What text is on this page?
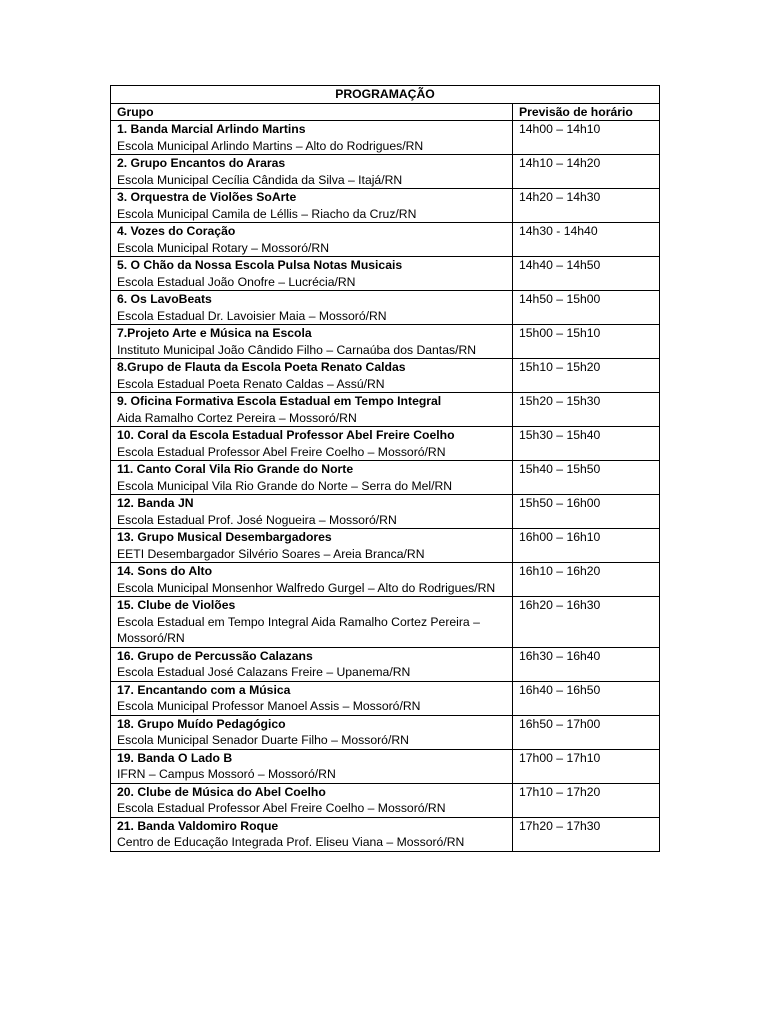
PROGRAMAÇÃO	
Grupo	Previsão de horário

1. Banda Marcial Arlindo Martins
Escola Municipal Arlindo Martins – Alto do Rodrigues/RN	14h00 – 14h10

2. Grupo Encantos do Araras
Escola Municipal Cecília Cândida da Silva – Itajá/RN	14h10 – 14h20

3. Orquestra de Violões SoArte
Escola Municipal Camila de Léllis – Riacho da Cruz/RN	14h20 – 14h30

4. Vozes do Coração
Escola Municipal Rotary – Mossoró/RN	14h30 - 14h40

5. O Chão da Nossa Escola Pulsa Notas Musicais
Escola Estadual João Onofre – Lucrécia/RN	14h40 – 14h50

6. Os LavoBeats
Escola Estadual Dr. Lavoisier Maia – Mossoró/RN	14h50 – 15h00

7.Projeto Arte e Música na Escola
Instituto Municipal João Cândido Filho – Carnaúba dos Dantas/RN	15h00 – 15h10

8.Grupo de Flauta da Escola Poeta Renato Caldas
Escola Estadual Poeta Renato Caldas – Assú/RN	15h10 – 15h20

9. Oficina Formativa Escola Estadual em Tempo Integral
Aida Ramalho Cortez Pereira – Mossoró/RN	15h20 – 15h30

10. Coral da Escola Estadual Professor Abel Freire Coelho
Escola Estadual Professor Abel Freire Coelho – Mossoró/RN	15h30 – 15h40

11. Canto Coral Vila Rio Grande do Norte
Escola Municipal Vila Rio Grande do Norte – Serra do Mel/RN	15h40 – 15h50

12. Banda JN
Escola Estadual Prof. José Nogueira – Mossoró/RN	15h50 – 16h00

13. Grupo Musical Desembargadores
EETI Desembargador Silvério Soares – Areia Branca/RN	16h00 – 16h10

14. Sons do Alto
Escola Municipal Monsenhor Walfredo Gurgel – Alto do Rodrigues/RN	16h10 – 16h20

15. Clube de Violões
Escola Estadual em Tempo Integral Aida Ramalho Cortez Pereira – Mossoró/RN	16h20 – 16h30

16. Grupo de Percussão Calazans
Escola Estadual José Calazans Freire – Upanema/RN	16h30 – 16h40

17. Encantando com a Música
Escola Municipal Professor Manoel Assis – Mossoró/RN	16h40 – 16h50

18. Grupo Muído Pedagógico
Escola Municipal Senador Duarte Filho – Mossoró/RN	16h50 – 17h00

19. Banda O Lado B
IFRN – Campus Mossoró – Mossoró/RN	17h00 – 17h10

20. Clube de Música do Abel Coelho
Escola Estadual Professor Abel Freire Coelho – Mossoró/RN	17h10 – 17h20

21. Banda Valdomiro Roque
Centro de Educação Integrada Prof. Eliseu Viana – Mossoró/RN	17h20 – 17h30
